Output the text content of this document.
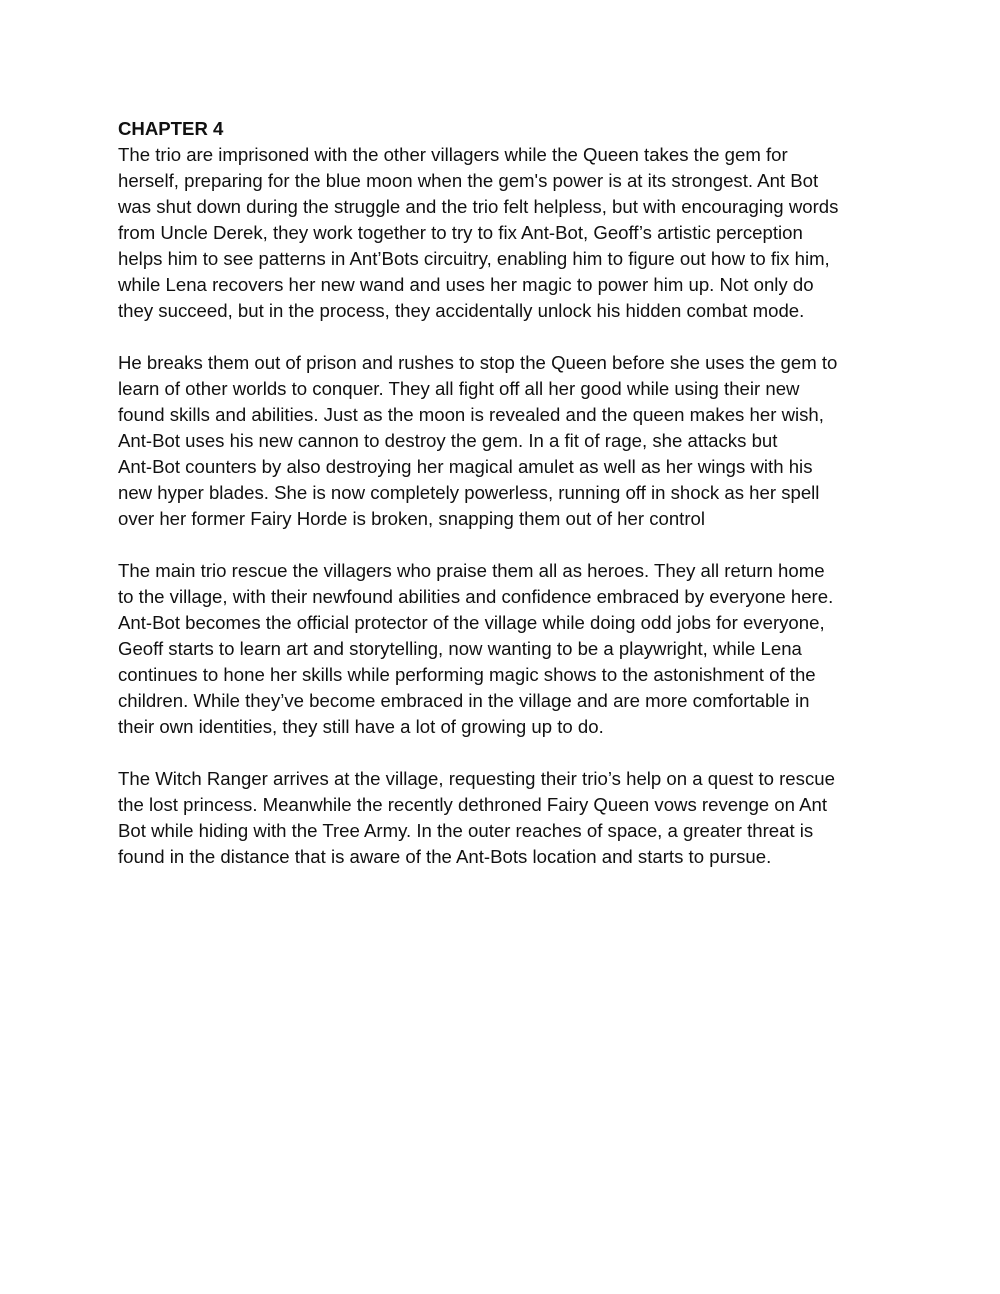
CHAPTER 4

The trio are imprisoned with the other villagers while the Queen takes the gem for
herself, preparing for the blue moon when the gem's power is at its strongest. Ant Bot
was shut down during the struggle and the trio felt helpless, but with encouraging words
from Uncle Derek, they work together to try to fix Ant-Bot, Geoff’s artistic perception
helps him to see patterns in Ant’Bots circuitry, enabling him to figure out how to fix him,
while Lena recovers her new wand and uses her magic to power him up. Not only do
they succeed, but in the process, they accidentally unlock his hidden combat mode.

He breaks them out of prison and rushes to stop the Queen before she uses the gem to
learn of other worlds to conquer. They all fight off all her good while using their new
found skills and abilities. Just as the moon is revealed and the queen makes her wish,
Ant-Bot uses his new cannon to destroy the gem. In a fit of rage, she attacks but
Ant-Bot counters by also destroying her magical amulet as well as her wings with his
new hyper blades. She is now completely powerless, running off in shock as her spell
over her former Fairy Horde is broken, snapping them out of her control

The main trio rescue the villagers who praise them all as heroes. They all return home
to the village, with their newfound abilities and confidence embraced by everyone here.
Ant-Bot becomes the official protector of the village while doing odd jobs for everyone,
Geoff starts to learn art and storytelling, now wanting to be a playwright, while Lena
continues to hone her skills while performing magic shows to the astonishment of the
children. While they’ve become embraced in the village and are more comfortable in
their own identities, they still have a lot of growing up to do.

The Witch Ranger arrives at the village, requesting their trio’s help on a quest to rescue
the lost princess. Meanwhile the recently dethroned Fairy Queen vows revenge on Ant
Bot while hiding with the Tree Army. In the outer reaches of space, a greater threat is
found in the distance that is aware of the Ant-Bots location and starts to pursue.
